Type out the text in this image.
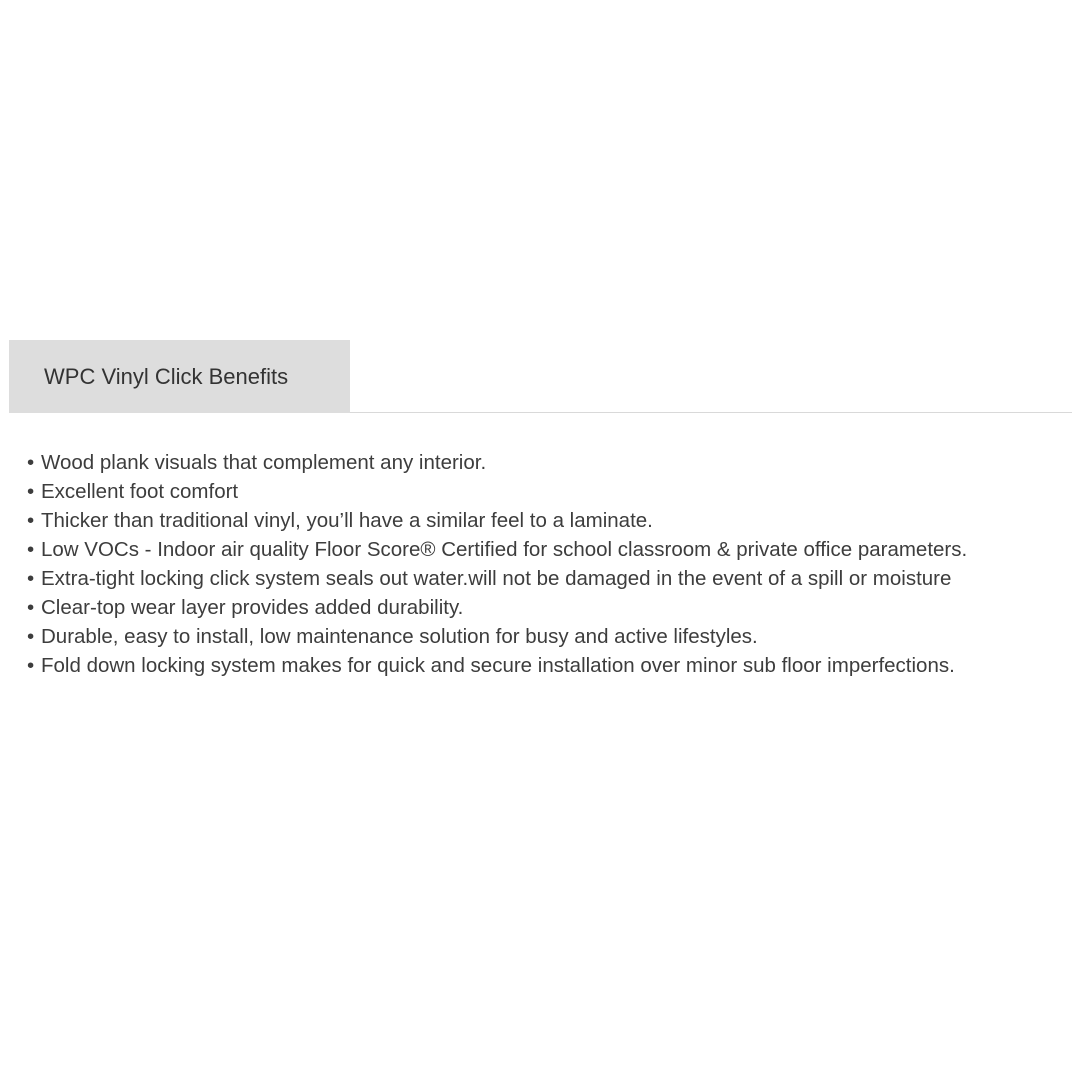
WPC Vinyl Click Benefits
• Wood plank visuals that complement any interior.
• Excellent foot comfort
• Thicker than traditional vinyl, you’ll have a similar feel to a laminate.
• Low VOCs - Indoor air quality Floor Score® Certified for school classroom & private office parameters.
• Extra-tight locking click system seals out water.will not be damaged in the event of a spill or moisture
• Clear-top wear layer provides added durability.
• Durable, easy to install, low maintenance solution for busy and active lifestyles.
• Fold down locking system makes for quick and secure installation over minor sub floor imperfections.
